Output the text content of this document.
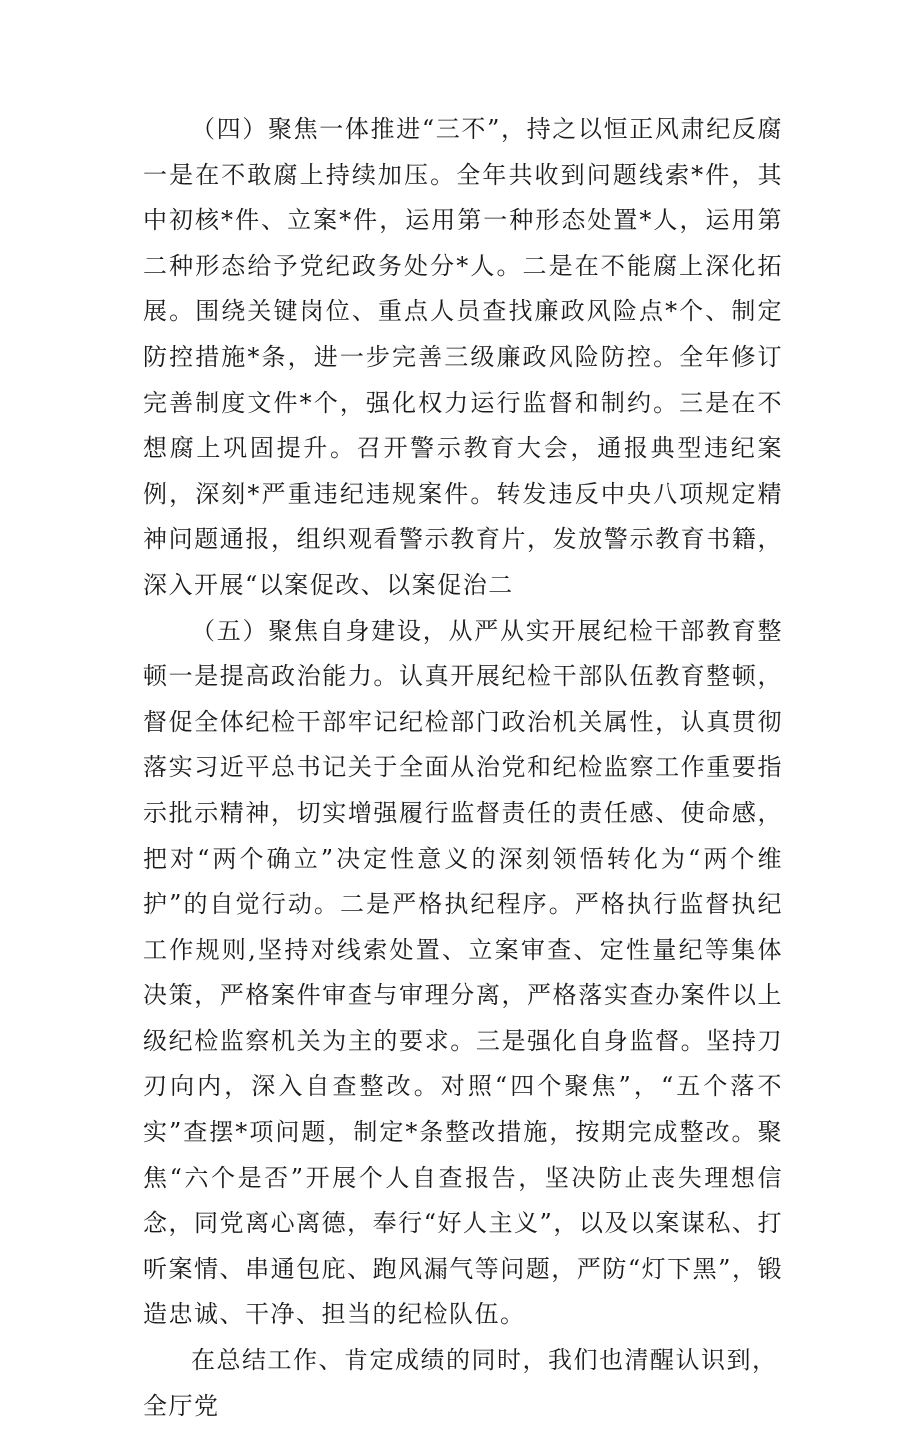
（四）聚焦一体推进“三不”，持之以恒正风肃纪反腐一是在不敢腐上持续加压。全年共收到问题线索*件，其中初核*件、立案*件，运用第一种形态处置*人，运用第二种形态给予党纪政务处分*人。二是在不能腐上深化拓展。围绕关键岗位、重点人员查找廉政风险点*个、制定防控措施*条，进一步完善三级廉政风险防控。全年修订完善制度文件*个，强化权力运行监督和制约。三是在不想腐上巩固提升。召开警示教育大会，通报典型违纪案例，深刻*严重违纪违规案件。转发违反中央八项规定精神问题通报，组织观看警示教育片，发放警示教育书籍，深入开展“以案促改、以案促治二

（五）聚焦自身建设，从严从实开展纪检干部教育整顿一是提高政治能力。认真开展纪检干部队伍教育整顿，督促全体纪检干部牢记纪检部门政治机关属性，认真贯彻落实习近平总书记关于全面从治党和纪检监察工作重要指示批示精神，切实增强履行监督责任的责任感、使命感，把对“两个确立”决定性意义的深刻领悟转化为“两个维护”的自觉行动。二是严格执纪程序。严格执行监督执纪工作规则,坚持对线索处置、立案审查、定性量纪等集体决策，严格案件审查与审理分离，严格落实查办案件以上级纪检监察机关为主的要求。三是强化自身监督。坚持刀刃向内，深入自查整改。对照“四个聚焦”，“五个落不实”查摆*项问题，制定*条整改措施，按期完成整改。聚焦“六个是否”开展个人自查报告，坚决防止丧失理想信念，同党离心离德，奉行“好人主义”，以及以案谋私、打听案情、串通包庇、跑风漏气等问题，严防“灯下黑”，锻造忠诚、干净、担当的纪检队伍。

在总结工作、肯定成绩的同时，我们也清醒认识到，全厅党
